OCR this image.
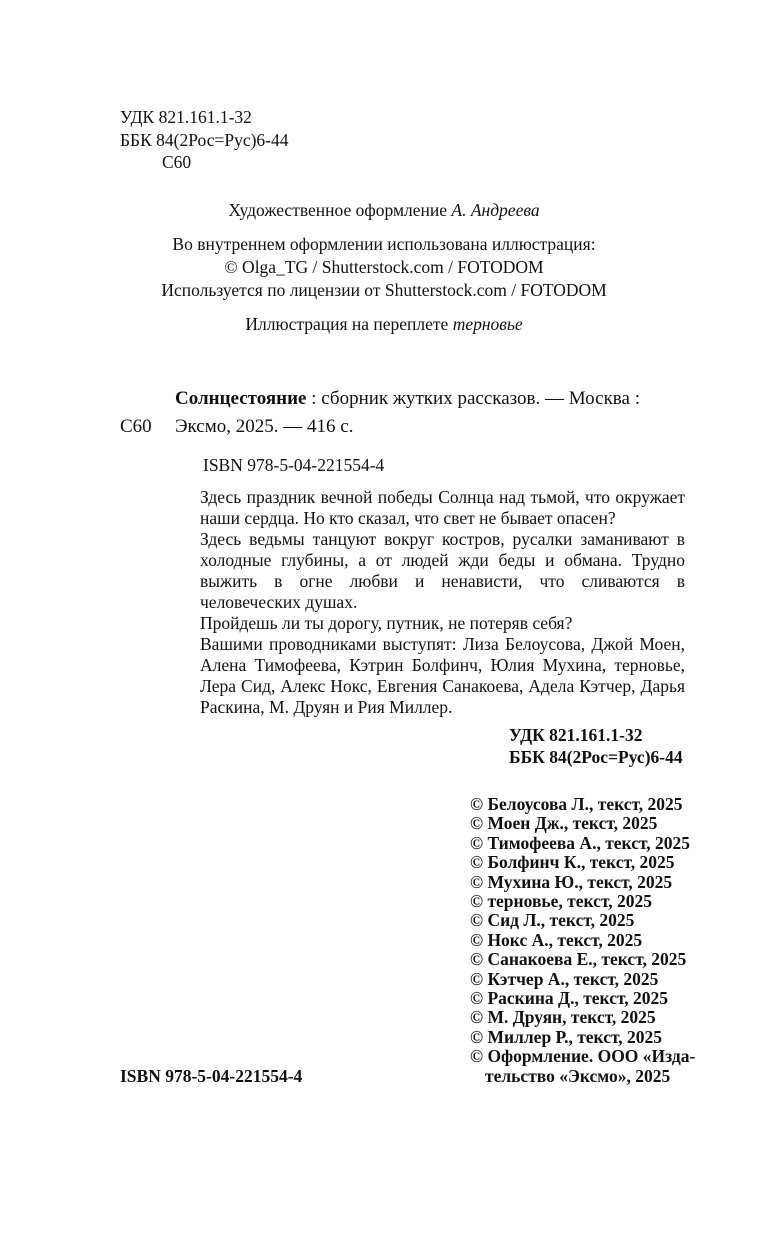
УДК 821.161.1-32
ББК 84(2Рос=Рус)6-44
С60
Художественное оформление А. Андреева
Во внутреннем оформлении использована иллюстрация:
© Olga_TG / Shutterstock.com / FOTODOM
Используется по лицензии от Shutterstock.com / FOTODOM
Иллюстрация на переплете терновье
Солнцестояние : сборник жутких рассказов. — Москва :
С60 Эксмо, 2025. — 416 с.
ISBN 978-5-04-221554-4

Здесь праздник вечной победы Солнца над тьмой, что окружает наши сердца. Но кто сказал, что свет не бывает опасен?

Здесь ведьмы танцуют вокруг костров, русалки заманивают в холодные глубины, а от людей жди беды и обмана. Трудно выжить в огне любви и ненависти, что сливаются в человеческих душах.

Пройдешь ли ты дорогу, путник, не потеряв себя?

Вашими проводниками выступят: Лиза Белоусова, Джой Моен, Алена Тимофеева, Кэтрин Болфинч, Юлия Мухина, терновье, Лера Сид, Алекс Нокс, Евгения Санакоева, Адела Кэтчер, Дарья Раскина, М. Друян и Рия Миллер.

УДК 821.161.1-32
ББК 84(2Рос=Рус)6-44
© Белоусова Л., текст, 2025
© Моен Дж., текст, 2025
© Тимофеева А., текст, 2025
© Болфинч К., текст, 2025
© Мухина Ю., текст, 2025
© терновье, текст, 2025
© Сид Л., текст, 2025
© Нокс А., текст, 2025
© Санакоева Е., текст, 2025
© Кэтчер А., текст, 2025
© Раскина Д., текст, 2025
© М. Друян, текст, 2025
© Миллер Р., текст, 2025
© Оформление. ООО «Изда-
тельство «Эксмо», 2025
ISBN 978-5-04-221554-4
